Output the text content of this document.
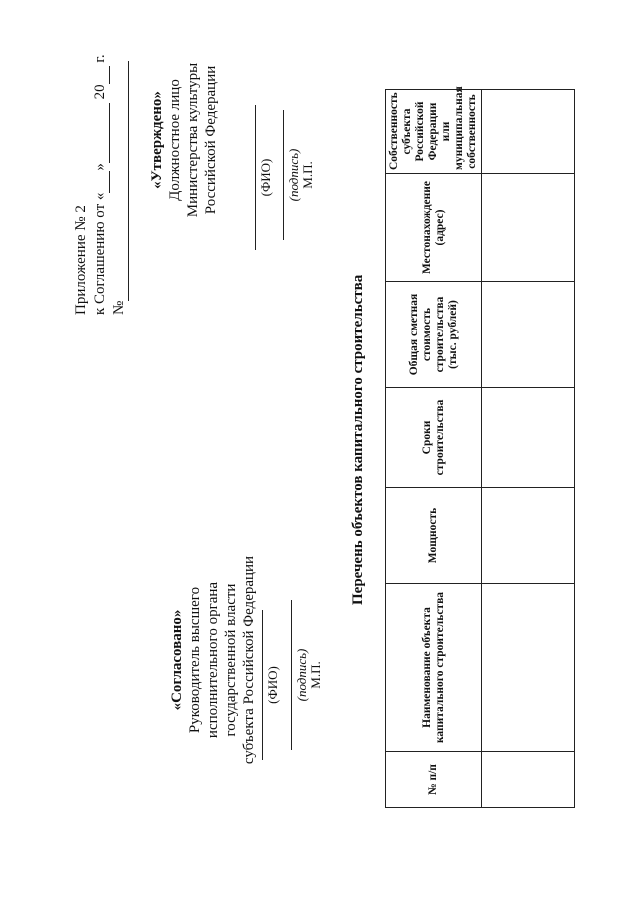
Приложение № 2 к Соглашению от «» 20 г.
№
«Утверждено» Должностное лицо Министерства культуры Российской Федерации	(ФИО) (подпись) М.П.
«Согласовано» Руководитель высшего исполнительного органа государственной власти субъекта Российской Федерации (ФИО) (подпись) М.П.
Перечень объектов капитального строительства
№ п/п	Наименование объекта капитального строительства	Мощность	Сроки строительства	Общая сметная стоимость строительства (тыс. рублей)	Местонахождение (адрес)	Собственность субъекта Российской Федерации или муниципальная собственность
